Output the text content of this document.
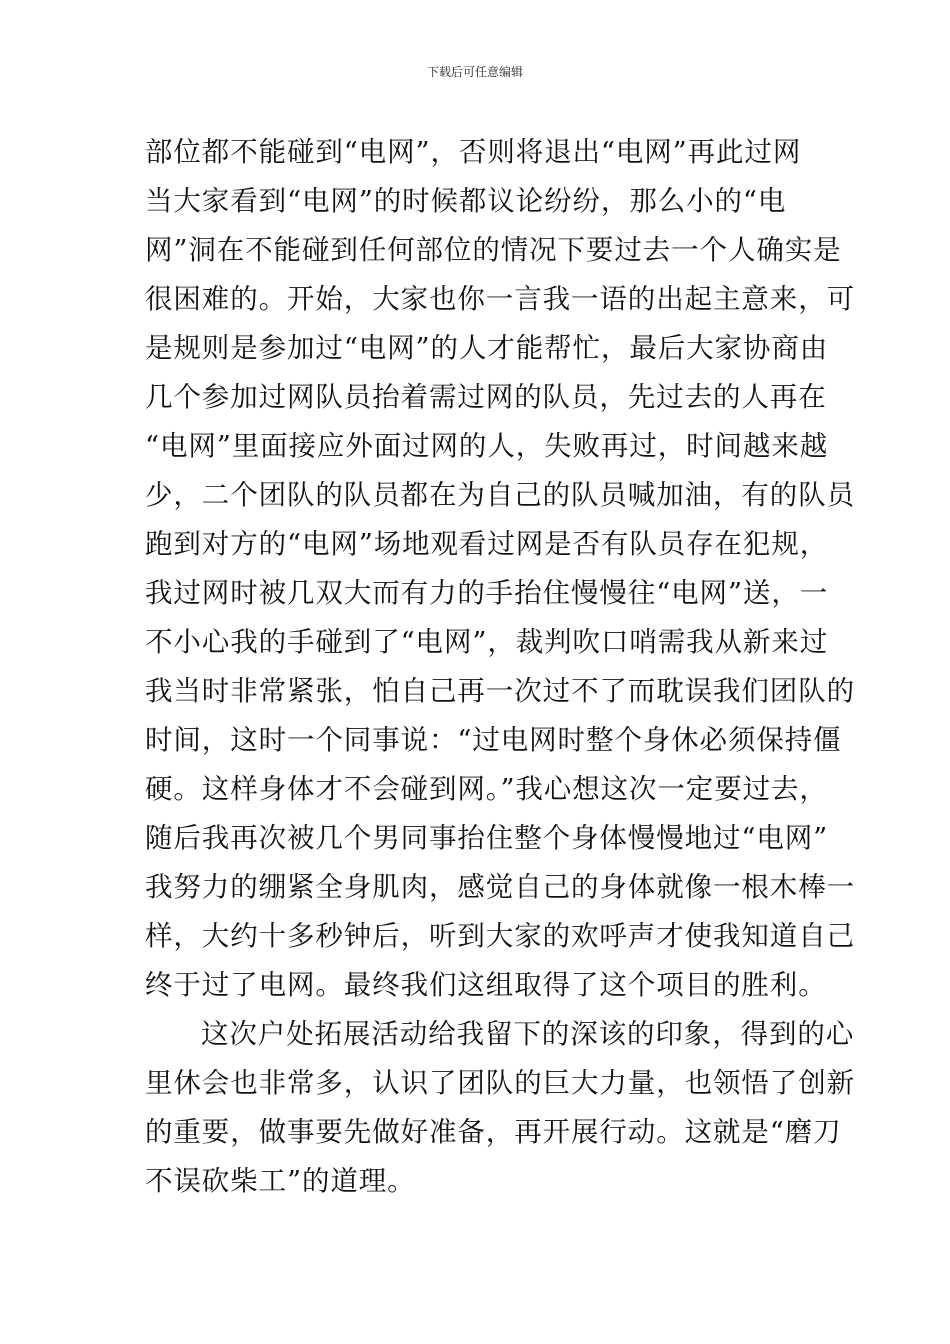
下载后可任意编辑
部位都不能碰到“电网”，否则将退出“电网”再此过网
当大家看到“电网”的时候都议论纷纷，那么小的“电
网”洞在不能碰到任何部位的情况下要过去一个人确实是
很困难的。开始，大家也你一言我一语的出起主意来，可
是规则是参加过“电网”的人才能帮忙，最后大家协商由
几个参加过网队员抬着需过网的队员，先过去的人再在
“电网”里面接应外面过网的人，失败再过，时间越来越
少，二个团队的队员都在为自己的队员喊加油，有的队员
跑到对方的“电网”场地观看过网是否有队员存在犯规，
我过网时被几双大而有力的手抬住慢慢往“电网”送，一
不小心我的手碰到了“电网”，裁判吹口哨需我从新来过
我当时非常紧张，怕自己再一次过不了而耽误我们团队的
时间，这时一个同事说：“过电网时整个身休必须保持僵
硬。这样身体才不会碰到网。”我心想这次一定要过去，
随后我再次被几个男同事抬住整个身体慢慢地过“电网”
我努力的绷紧全身肌肉，感觉自己的身体就像一根木棒一
样，大约十多秒钟后，听到大家的欢呼声才使我知道自己
终于过了电网。最终我们这组取得了这个项目的胜利。
这次户处拓展活动给我留下的深该的印象，得到的心
里休会也非常多，认识了团队的巨大力量，也领悟了创新
的重要，做事要先做好准备，再开展行动。这就是“磨刀
不误砍柴工”的道理。
